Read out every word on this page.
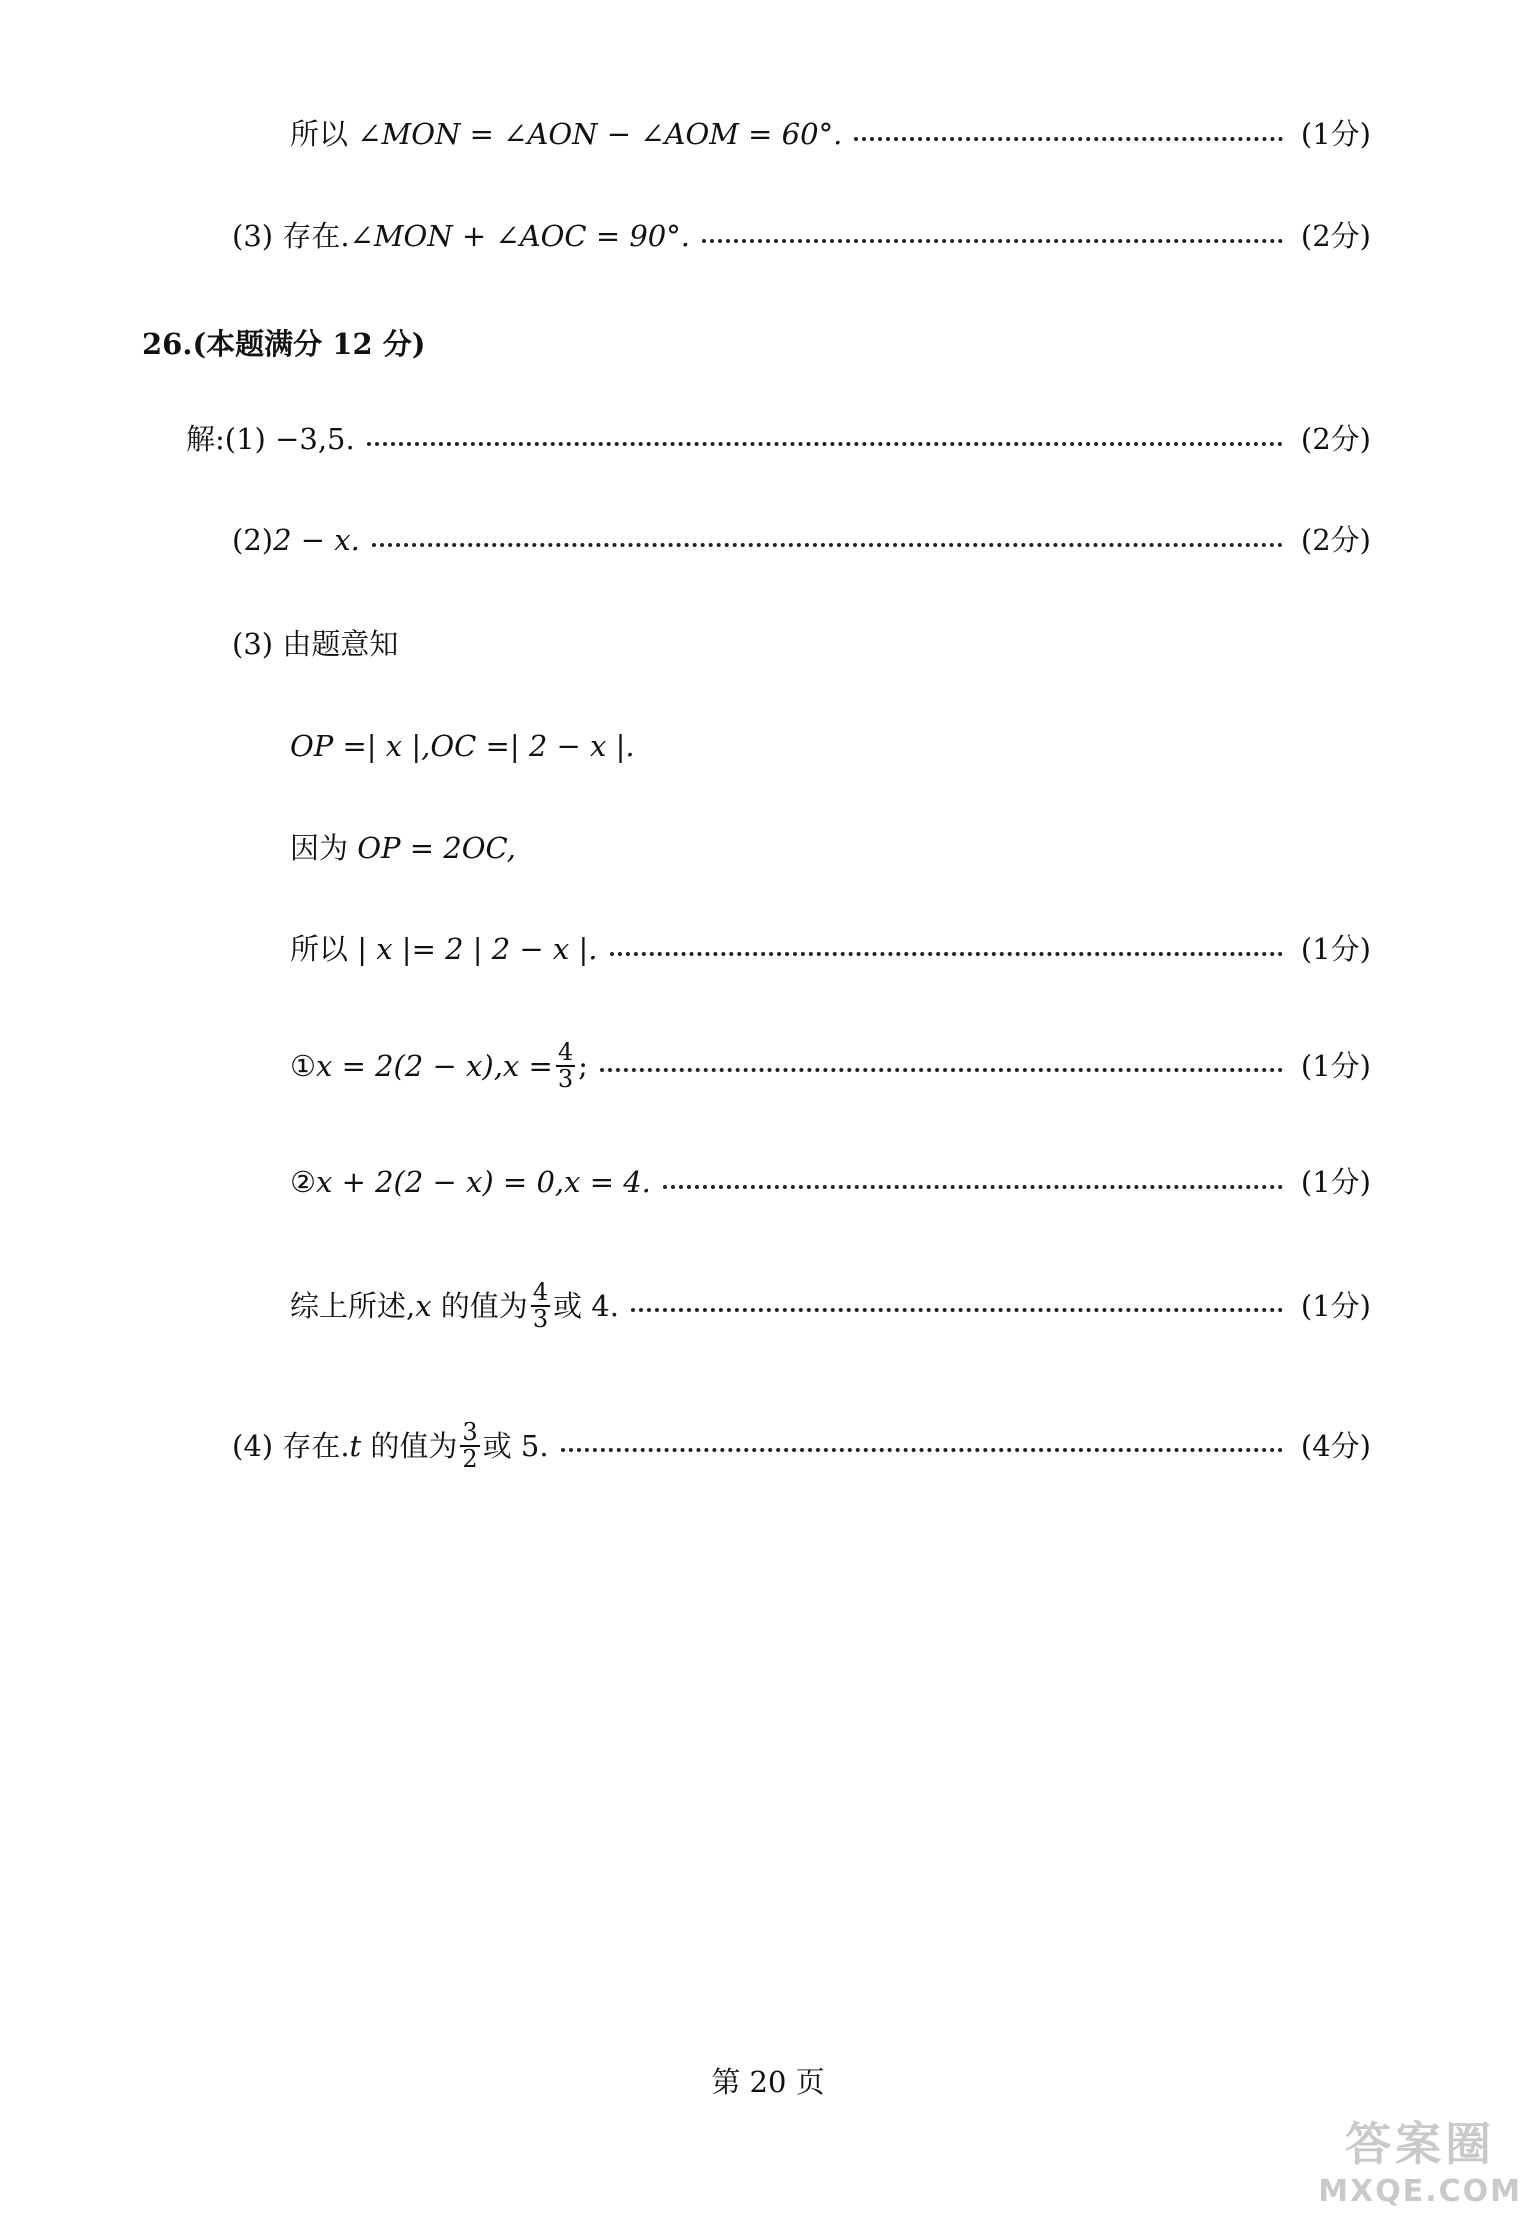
所以
∠MON = ∠AON − ∠AOM = 60°.	(1分)
(3)
存在. ∠MON + ∠AOC = 90°.	(2分)
26.(本题满分 12 分)
解:(1)
−3,5.	(2分)
(2) 2 − x.	(2分)
(3)
由题意知
OP =| x |,OC =| 2 − x |.
因为
OP = 2OC,
所以
| x |= 2 | 2 − x |.	(1分)
① $x = 2(2 - x),x = \frac{4}{3}$ ;	(1分)
② x + 2(2 − x) = 0,x = 4.	(1分)
综上所述, x
的值为 $\frac{4}{3}$ 或 4.	(1分)
(4)
存在. t
的值为 $\frac{3}{2}$ 或 5.	(4分)
第 20 页
答案圈
MXQE.COM
